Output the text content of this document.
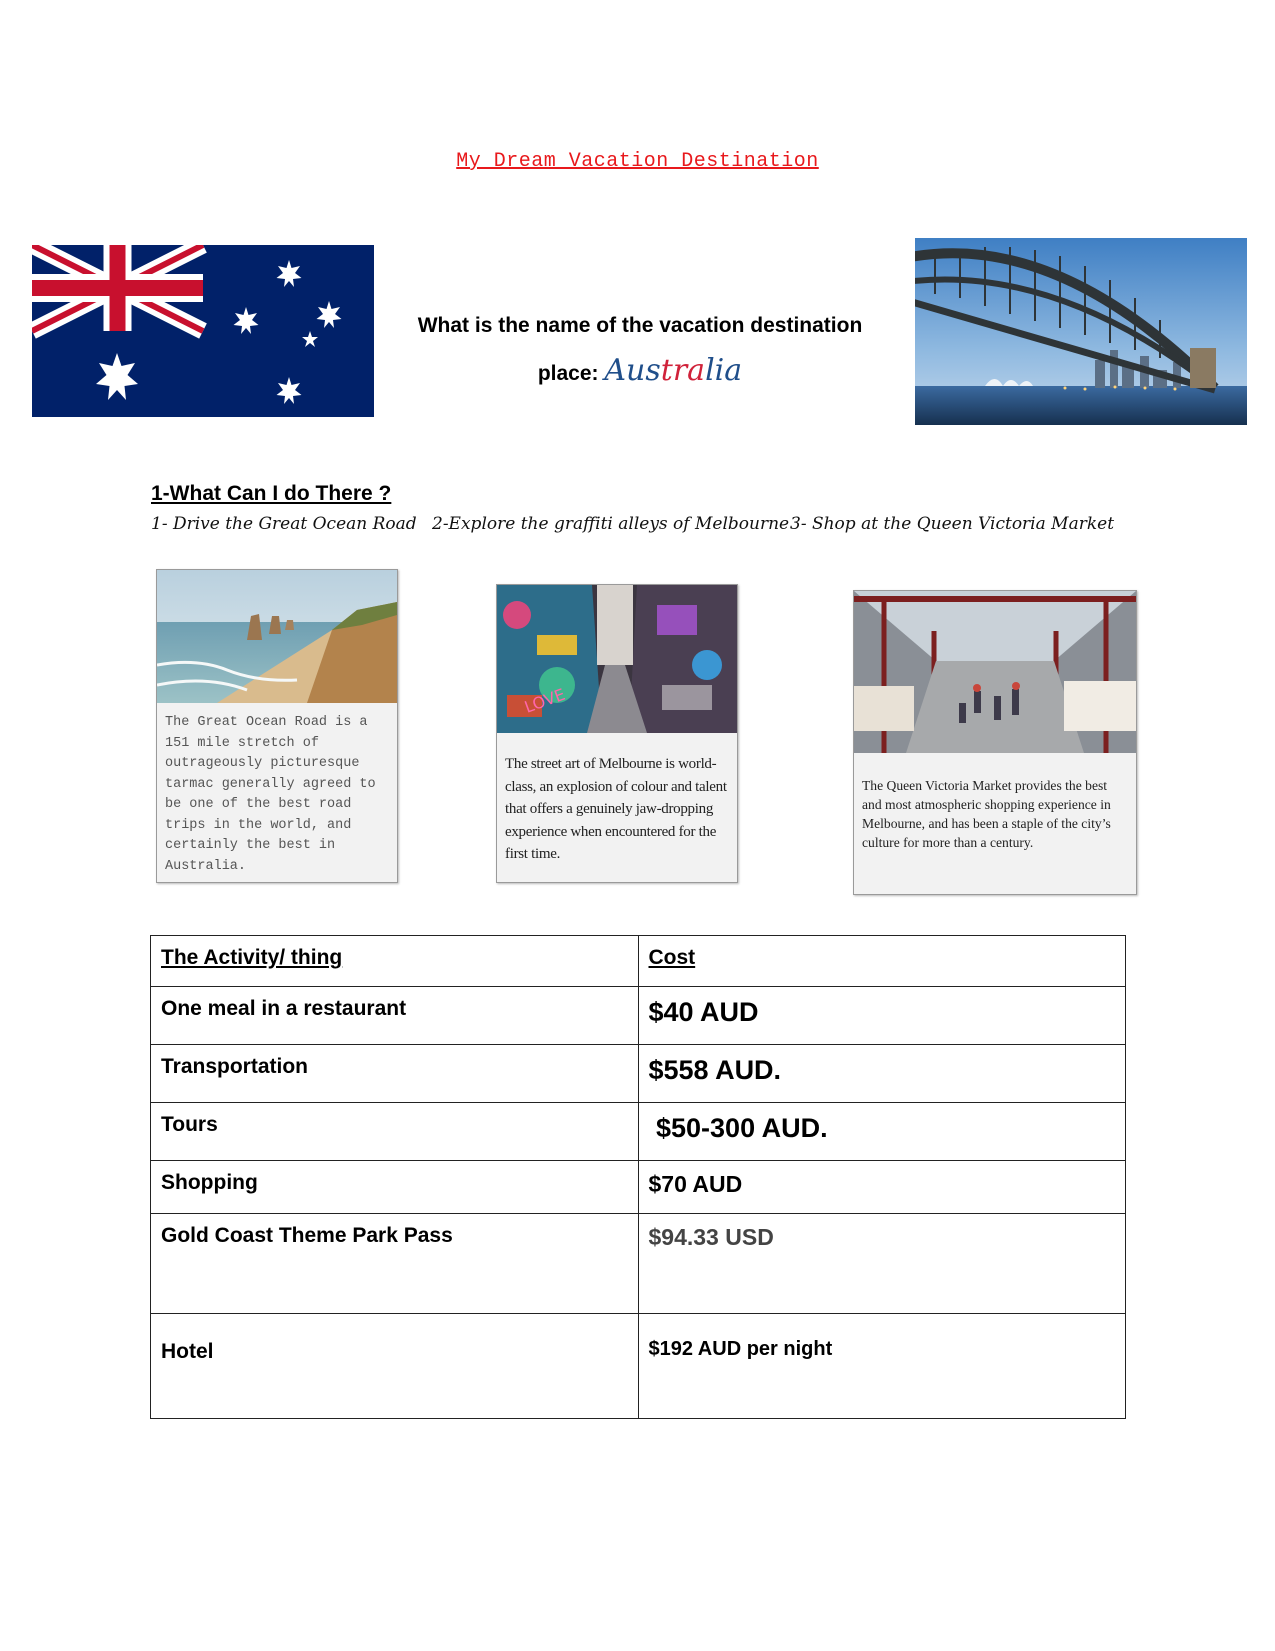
My Dream Vacation Destination
What is the name of the vacation destination
place: Australia
1-What Can I do There ?
1- Drive the Great Ocean Road 2-Explore the graffiti alleys of Melbourne 3- Shop at the Queen Victoria Market
The Great Ocean Road is a 151 mile stretch of outrageously picturesque tarmac generally agreed to be one of the best road trips in the world, and certainly the best in Australia.
LOVE
The street art of Melbourne is world-class, an explosion of colour and talent that offers a genuinely jaw-dropping experience when encountered for the first time.
The Queen Victoria Market provides the best and most atmospheric shopping experience in Melbourne, and has been a staple of the city’s culture for more than a century.
The Activity/ thing	Cost
One meal in a restaurant	$40 AUD
Transportation	$558 AUD.
Tours	$50-300 AUD.
Shopping	$70 AUD
Gold Coast Theme Park Pass	$94.33 USD
Hotel	$192 AUD per night
